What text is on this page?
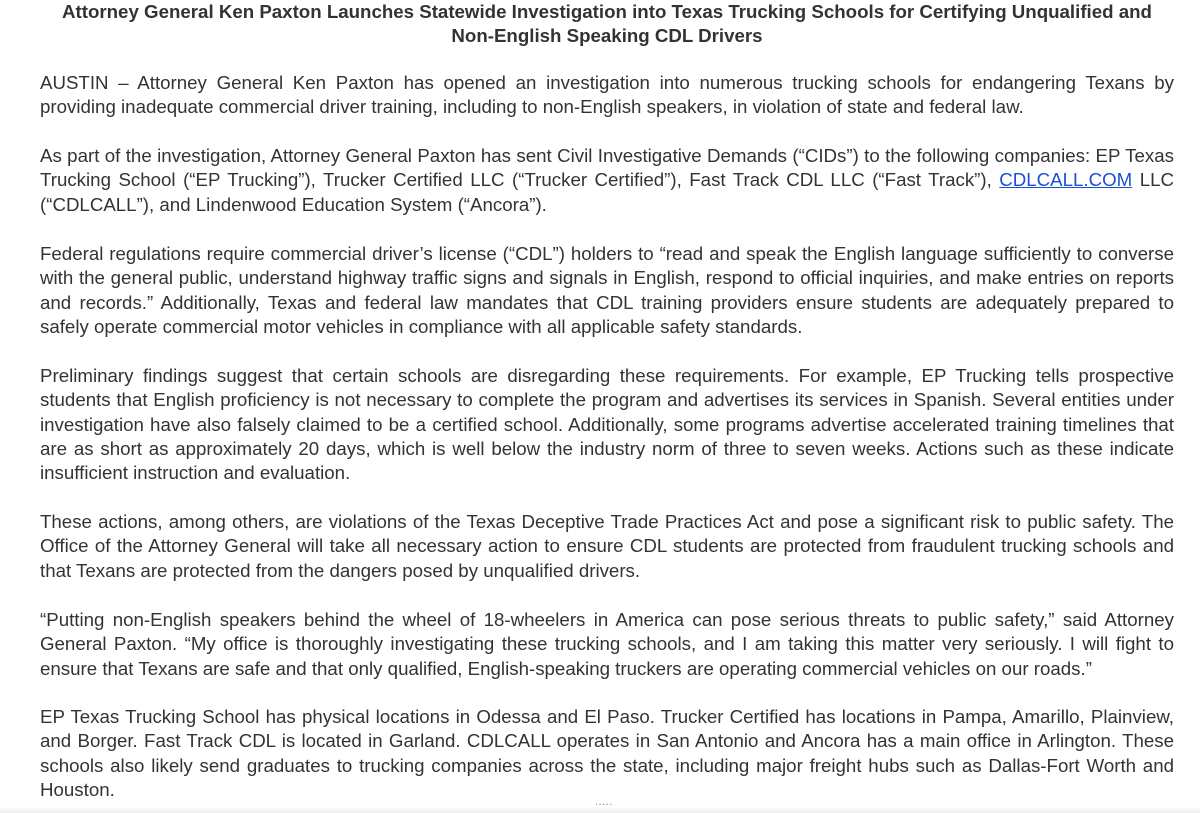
Attorney General Ken Paxton Launches Statewide Investigation into Texas Trucking Schools for Certifying Unqualified and Non-English Speaking CDL Drivers

AUSTIN – Attorney General Ken Paxton has opened an investigation into numerous trucking schools for endangering Texans by providing inadequate commercial driver training, including to non-English speakers, in violation of state and federal law.

As part of the investigation, Attorney General Paxton has sent Civil Investigative Demands (“CIDs”) to the following companies: EP Texas Trucking School (“EP Trucking”), Trucker Certified LLC (“Trucker Certified”), Fast Track CDL LLC (“Fast Track”), CDLCALL.COM LLC (“CDLCALL”), and Lindenwood Education System (“Ancora”).

Federal regulations require commercial driver’s license (“CDL”) holders to “read and speak the English language sufficiently to converse with the general public, understand highway traffic signs and signals in English, respond to official inquiries, and make entries on reports and records.” Additionally, Texas and federal law mandates that CDL training providers ensure students are adequately prepared to safely operate commercial motor vehicles in compliance with all applicable safety standards.

Preliminary findings suggest that certain schools are disregarding these requirements. For example, EP Trucking tells prospective students that English proficiency is not necessary to complete the program and advertises its services in Spanish. Several entities under investigation have also falsely claimed to be a certified school. Additionally, some programs advertise accelerated training timelines that are as short as approximately 20 days, which is well below the industry norm of three to seven weeks. Actions such as these indicate insufficient instruction and evaluation.

These actions, among others, are violations of the Texas Deceptive Trade Practices Act and pose a significant risk to public safety. The Office of the Attorney General will take all necessary action to ensure CDL students are protected from fraudulent trucking schools and that Texans are protected from the dangers posed by unqualified drivers.

“Putting non-English speakers behind the wheel of 18-wheelers in America can pose serious threats to public safety,” said Attorney General Paxton. “My office is thoroughly investigating these trucking schools, and I am taking this matter very seriously. I will fight to ensure that Texans are safe and that only qualified, English-speaking truckers are operating commercial vehicles on our roads.”

EP Texas Trucking School has physical locations in Odessa and El Paso. Trucker Certified has locations in Pampa, Amarillo, Plainview, and Borger. Fast Track CDL is located in Garland. CDLCALL operates in San Antonio and Ancora has a main office in Arlington. These schools also likely send graduates to trucking companies across the state, including major freight hubs such as Dallas-Fort Worth and Houston.

.....
